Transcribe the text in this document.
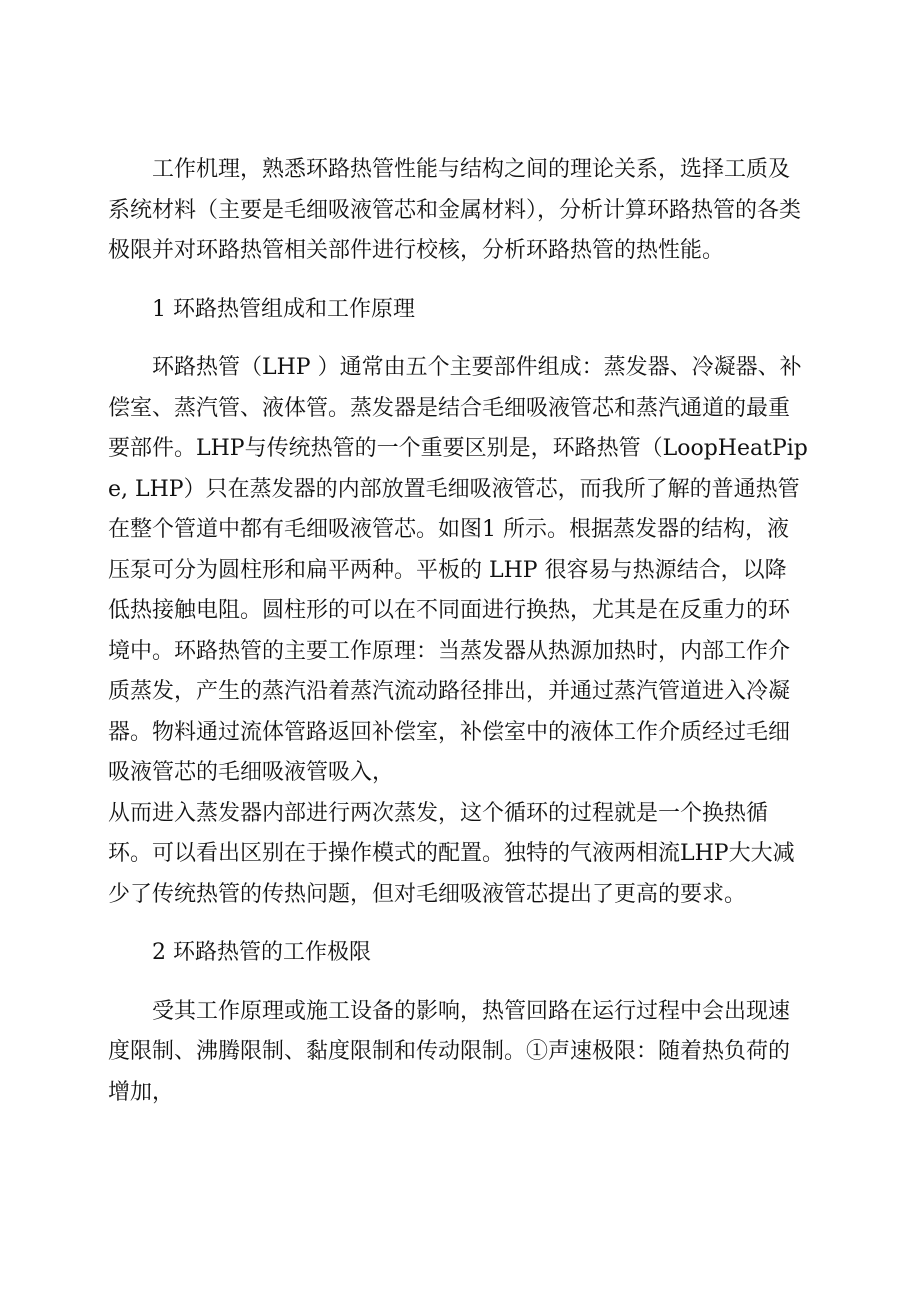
工作机理，熟悉环路热管性能与结构之间的理论关系，选择工质及系统材料（主要是毛细吸液管芯和金属材料），分析计算环路热管的各类极限并对环路热管相关部件进行校核，分析环路热管的热性能。

1 环路热管组成和工作原理

环路热管（LHP ）通常由五个主要部件组成：蒸发器、冷凝器、补偿室、蒸汽管、液体管。蒸发器是结合毛细吸液管芯和蒸汽通道的最重要部件。LHP与传统热管的一个重要区别是，环路热管（LoopHeatPipe, LHP）只在蒸发器的内部放置毛细吸液管芯，而我所了解的普通热管在整个管道中都有毛细吸液管芯。如图1 所示。根据蒸发器的结构，液压泵可分为圆柱形和扁平两种。平板的 LHP 很容易与热源结合，以降低热接触电阻。圆柱形的可以在不同面进行换热，尤其是在反重力的环境中。环路热管的主要工作原理：当蒸发器从热源加热时，内部工作介质蒸发，产生的蒸汽沿着蒸汽流动路径排出，并通过蒸汽管道进入冷凝器。物料通过流体管路返回补偿室，补偿室中的液体工作介质经过毛细吸液管芯的毛细吸液管吸入，

从而进入蒸发器内部进行两次蒸发，这个循环的过程就是一个换热循环。可以看出区别在于操作模式的配置。独特的气液两相流LHP大大减少了传统热管的传热问题，但对毛细吸液管芯提出了更高的要求。

2 环路热管的工作极限

受其工作原理或施工设备的影响，热管回路在运行过程中会出现速度限制、沸腾限制、黏度限制和传动限制。①声速极限：随着热负荷的增加，
